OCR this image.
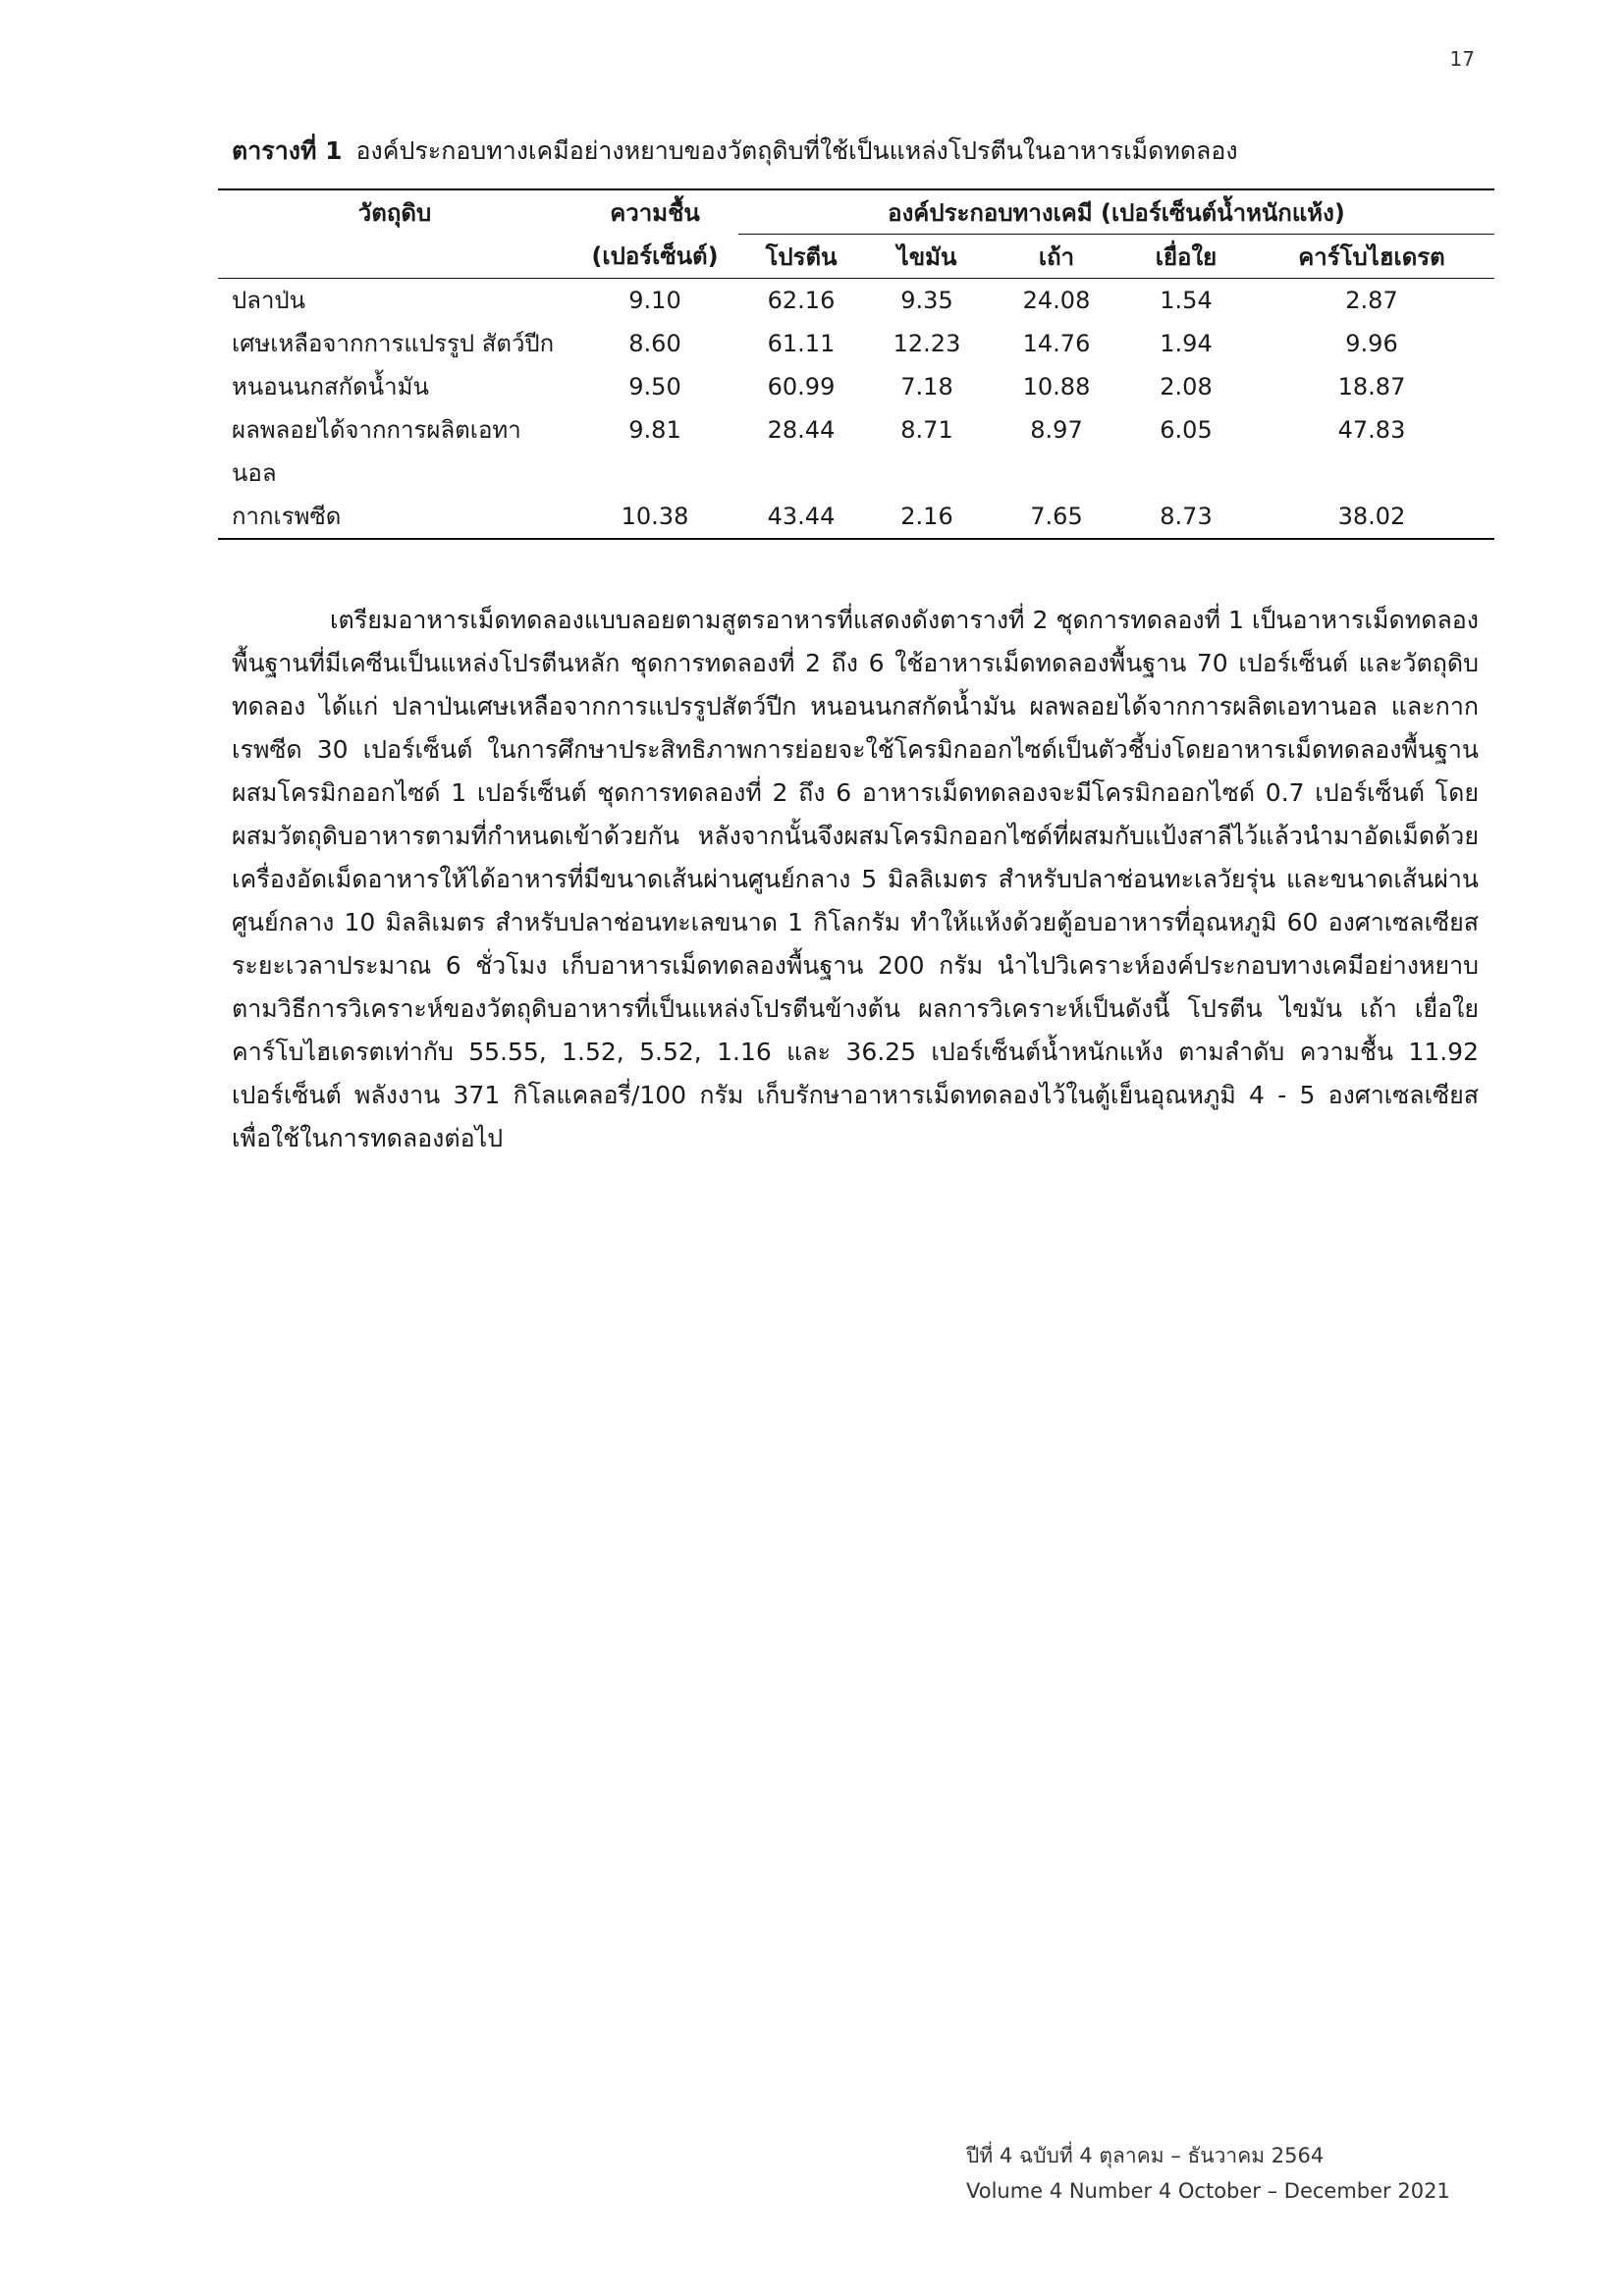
17
ตารางที่ 1 องค์ประกอบทางเคมีอย่างหยาบของวัตถุดิบที่ใช้เป็นแหล่งโปรตีนในอาหารเม็ดทดลอง
วัตถุดิบ	ความชื้น	องค์ประกอบทางเคมี (เปอร์เซ็นต์น้ำหนักแห้ง)				
	(เปอร์เซ็นต์)	โปรตีน	ไขมัน	เถ้า	เยื่อใย	คาร์โบไฮเดรต
ปลาป่น	9.10	62.16	9.35	24.08	1.54	2.87
เศษเหลือจากการแปรรูป สัตว์ปีก	8.60	61.11	12.23	14.76	1.94	9.96
หนอนนกสกัดน้ำมัน	9.50	60.99	7.18	10.88	2.08	18.87
ผลพลอยได้จากการผลิตเอทานอล	9.81	28.44	8.71	8.97	6.05	47.83
กากเรพซีด	10.38	43.44	2.16	7.65	8.73	38.02

เตรียมอาหารเม็ดทดลองแบบลอยตามสูตรอาหารที่แสดงดังตารางที่ 2 ชุดการทดลองที่ 1 เป็นอาหารเม็ดทดลองพื้นฐานที่มีเคซีนเป็นแหล่งโปรตีนหลัก ชุดการทดลองที่ 2 ถึง 6 ใช้อาหารเม็ดทดลองพื้นฐาน 70 เปอร์เซ็นต์ และวัตถุดิบทดลอง ได้แก่ ปลาป่นเศษเหลือจากการแปรรูปสัตว์ปีก หนอนนกสกัดน้ำมัน ผลพลอยได้จากการผลิตเอทานอล และกากเรพซีด 30 เปอร์เซ็นต์ ในการศึกษาประสิทธิภาพการย่อยจะใช้โครมิกออกไซด์เป็นตัวชี้บ่งโดยอาหารเม็ดทดลองพื้นฐานผสมโครมิกออกไซด์ 1 เปอร์เซ็นต์ ชุดการทดลองที่ 2 ถึง 6 อาหารเม็ดทดลองจะมีโครมิกออกไซด์ 0.7 เปอร์เซ็นต์ โดยผสมวัตถุดิบอาหารตามที่กำหนดเข้าด้วยกัน หลังจากนั้นจึงผสมโครมิกออกไซด์ที่ผสมกับแป้งสาลีไว้แล้วนำมาอัดเม็ดด้วยเครื่องอัดเม็ดอาหารให้ได้อาหารที่มีขนาดเส้นผ่านศูนย์กลาง 5 มิลลิเมตร สำหรับปลาช่อนทะเลวัยรุ่น และขนาดเส้นผ่านศูนย์กลาง 10 มิลลิเมตร สำหรับปลาช่อนทะเลขนาด 1 กิโลกรัม ทำให้แห้งด้วยตู้อบอาหารที่อุณหภูมิ 60 องศาเซลเซียส ระยะเวลาประมาณ 6 ชั่วโมง เก็บอาหารเม็ดทดลองพื้นฐาน 200 กรัม นำไปวิเคราะห์องค์ประกอบทางเคมีอย่างหยาบตามวิธีการวิเคราะห์ของวัตถุดิบอาหารที่เป็นแหล่งโปรตีนข้างต้น ผลการวิเคราะห์เป็นดังนี้ โปรตีน ไขมัน เถ้า เยื่อใย คาร์โบไฮเดรตเท่ากับ 55.55, 1.52, 5.52, 1.16 และ 36.25 เปอร์เซ็นต์น้ำหนักแห้ง ตามลำดับ ความชื้น 11.92 เปอร์เซ็นต์ พลังงาน 371 กิโลแคลอรี่/100 กรัม เก็บรักษาอาหารเม็ดทดลองไว้ในตู้เย็นอุณหภูมิ 4 - 5 องศาเซลเซียส เพื่อใช้ในการทดลองต่อไป

ปีที่ 4 ฉบับที่ 4 ตุลาคม – ธันวาคม 2564
Volume 4 Number 4 October – December 2021
